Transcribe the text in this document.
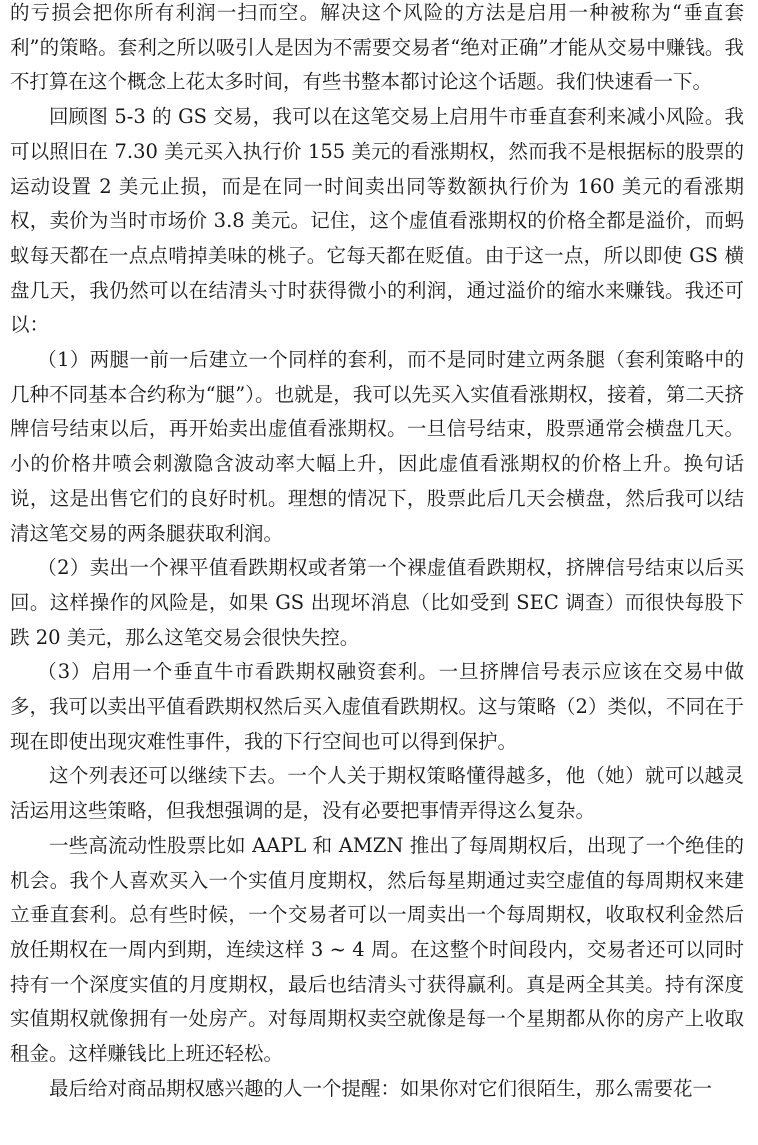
的亏损会把你所有利润一扫而空。解决这个风险的方法是启用一种被称为“垂直套利”的策略。套利之所以吸引人是因为不需要交易者“绝对正确”才能从交易中赚钱。我不打算在这个概念上花太多时间，有些书整本都讨论这个话题。我们快速看一下。

回顾图 5-3 的 GS 交易，我可以在这笔交易上启用牛市垂直套利来减小风险。我可以照旧在 7.30 美元买入执行价 155 美元的看涨期权，然而我不是根据标的股票的运动设置 2 美元止损，而是在同一时间卖出同等数额执行价为 160 美元的看涨期权，卖价为当时市场价 3.8 美元。记住，这个虚值看涨期权的价格全都是溢价，而蚂蚁每天都在一点点啃掉美味的桃子。它每天都在贬值。由于这一点，所以即使 GS 横盘几天，我仍然可以在结清头寸时获得微小的利润，通过溢价的缩水来赚钱。我还可以：

（1）两腿一前一后建立一个同样的套利，而不是同时建立两条腿（套利策略中的几种不同基本合约称为“腿”）。也就是，我可以先买入实值看涨期权，接着，第二天挤牌信号结束以后，再开始卖出虚值看涨期权。一旦信号结束，股票通常会横盘几天。小的价格井喷会刺激隐含波动率大幅上升，因此虚值看涨期权的价格上升。换句话说，这是出售它们的良好时机。理想的情况下，股票此后几天会横盘，然后我可以结清这笔交易的两条腿获取利润。

（2）卖出一个裸平值看跌期权或者第一个裸虚值看跌期权，挤牌信号结束以后买回。这样操作的风险是，如果 GS 出现坏消息（比如受到 SEC 调查）而很快每股下跌 20 美元，那么这笔交易会很快失控。

（3）启用一个垂直牛市看跌期权融资套利。一旦挤牌信号表示应该在交易中做多，我可以卖出平值看跌期权然后买入虚值看跌期权。这与策略（2）类似，不同在于现在即使出现灾难性事件，我的下行空间也可以得到保护。

这个列表还可以继续下去。一个人关于期权策略懂得越多，他（她）就可以越灵活运用这些策略，但我想强调的是，没有必要把事情弄得这么复杂。

一些高流动性股票比如 AAPL 和 AMZN 推出了每周期权后，出现了一个绝佳的机会。我个人喜欢买入一个实值月度期权，然后每星期通过卖空虚值的每周期权来建立垂直套利。总有些时候，一个交易者可以一周卖出一个每周期权，收取权利金然后放任期权在一周内到期，连续这样 3 ~ 4 周。在这整个时间段内，交易者还可以同时持有一个深度实值的月度期权，最后也结清头寸获得赢利。真是两全其美。持有深度实值期权就像拥有一处房产。对每周期权卖空就像是每一个星期都从你的房产上收取租金。这样赚钱比上班还轻松。

最后给对商品期权感兴趣的人一个提醒：如果你对它们很陌生，那么需要花一
